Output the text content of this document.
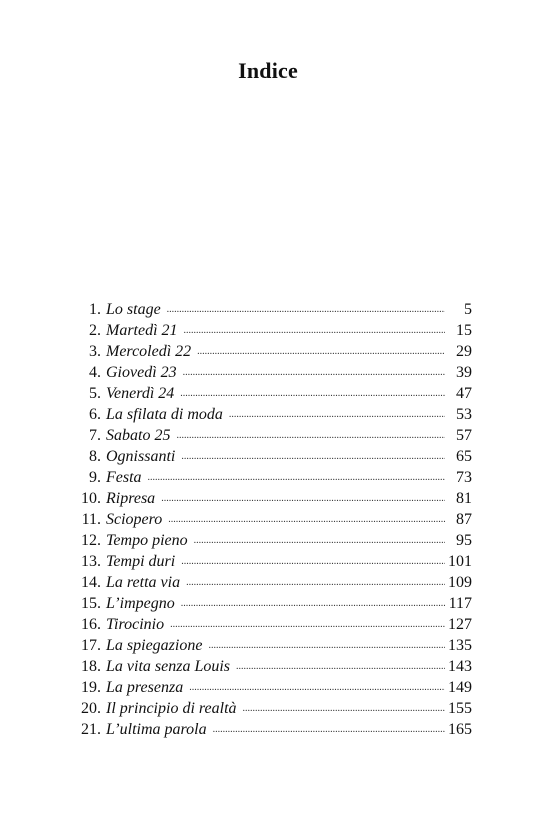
Indice
1. Lo stage .....	5
2. Martedì 21 .....	15
3. Mercoledì 22 .....	29
4. Giovedì 23 .....	39
5. Venerdì 24 .....	47
6. La sfilata di moda .....	53
7. Sabato 25 .....	57
8. Ognissanti .....	65
9. Festa .....	73
10. Ripresa .....	81
11. Sciopero .....	87
12. Tempo pieno .....	95
13. Tempi duri .....	101
14. La retta via .....	109
15. L’impegno .....	117
16. Tirocinio .....	127
17. La spiegazione .....	135
18. La vita senza Louis .....	143
19. La presenza .....	149
20. Il principio di realtà .....	155
21. L’ultima parola .....	165
